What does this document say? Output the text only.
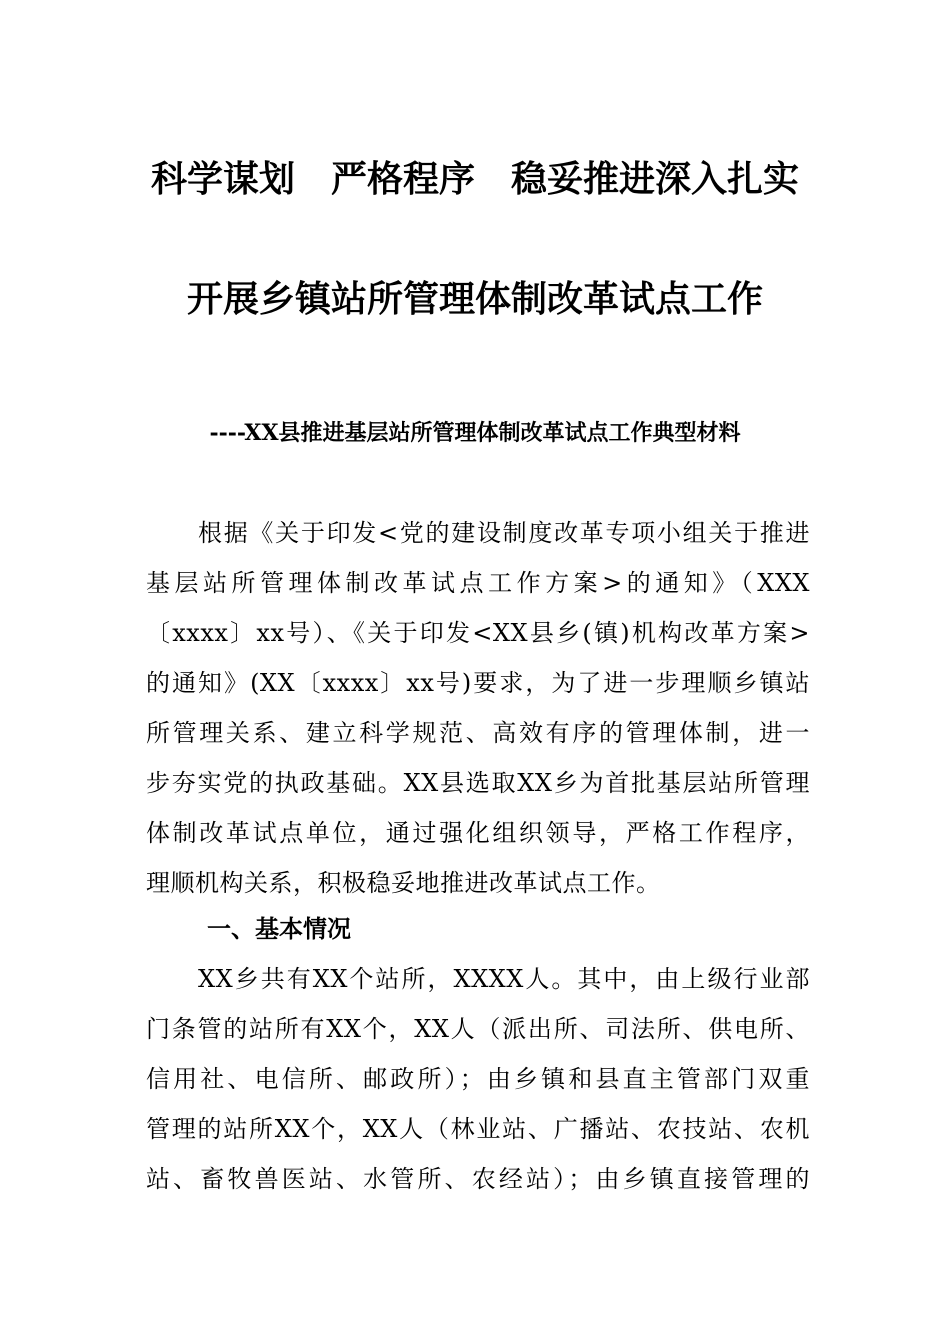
科学谋划　严格程序　稳妥推进深入扎实
开展乡镇站所管理体制改革试点工作
----XX县推进基层站所管理体制改革试点工作典型材料
根据《关于印发<党的建设制度改革专项小组关于推进
基层站所管理体制改革试点工作方案>的通知》（XXX
〔xxxx〕xx号）、《关于印发<XX县乡(镇)机构改革方案>
的通知》(XX〔xxxx〕xx号)要求，为了进一步理顺乡镇站
所管理关系、建立科学规范、高效有序的管理体制，进一
步夯实党的执政基础。XX县选取XX乡为首批基层站所管理
体制改革试点单位，通过强化组织领导，严格工作程序，
理顺机构关系，积极稳妥地推进改革试点工作。
一、基本情况
XX乡共有XX个站所，XXXX人。其中，由上级行业部
门条管的站所有XX个，XX人（派出所、司法所、供电所、
信用社、电信所、邮政所）；由乡镇和县直主管部门双重
管理的站所XX个，XX人（林业站、广播站、农技站、农机
站、畜牧兽医站、水管所、农经站）；由乡镇直接管理的
